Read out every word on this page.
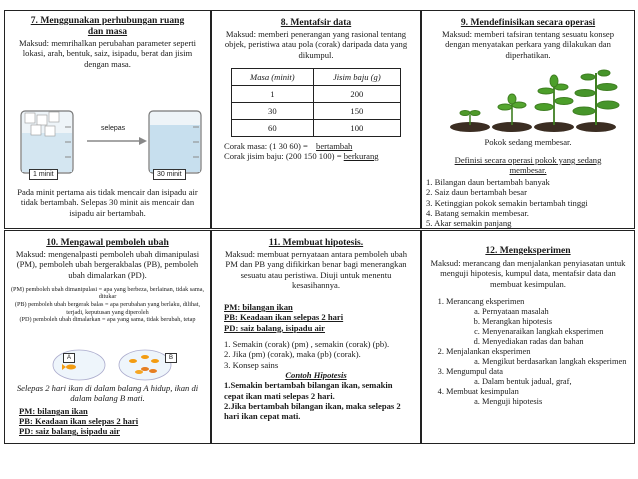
7. Menggunakan perhubungan ruang dan masa
Maksud: memrihalkan perubahan parameter seperti lokasi, arah, bentuk, saiz, isipadu, berat dan jisim dengan masa.
selepas
1 minit	30 minit
Pada minit pertama ais tidak mencair dan isipadu air tidak bertambah. Selepas 30 minit ais mencair dan isipadu air bertambah.
8. Mentafsir data
Maksud: memberi penerangan yang rasional tentang objek, peristiwa atau pola (corak) daripada data yang dikumpul.
Masa (minit)	Jisim baju (g)
1	200
30	150
60	100
Corak masa: (1 30 60) = bertambah
Corak jisim baju: (200 150 100) = berkurang
9. Mendefinisikan secara operasi
Maksud: memberi tafsiran tentang sesuatu konsep dengan menyatakan perkara yang dilakukan dan diperhatikan.
Pokok sedang membesar.
Definisi secara operasi pokok yang sedang membesar.
1. Bilangan daun bertambah banyak
2. Saiz daun bertambah besar
3. Ketinggian pokok semakin bertambah tinggi
4. Batang semakin membesar.
5. Akar semakin panjang
10. Mengawal pemboleh ubah
Maksud: mengenalpasti pemboleh ubah dimanipulasi (PM), pemboleh ubah bergerakbalas (PB), pemboleh ubah dimalarkan (PD).
(PM) pemboleh ubah dimanipulasi = apa yang berbeza, berlainan, tidak sama, ditukar
(PB) pemboleh ubah bergerak balas = apa perubahan yang berlaku, dilihat, terjadi, keputusan yang diperoleh
(PD) pemboleh ubah dimalarkan = apa yang sama, tidak berubah, tetap
A	B
Selepas 2 hari ikan di dalam balang A hidup, ikan di dalam balang B mati.
PM: bilangan ikan
PB: Keadaan ikan selepas 2 hari
PD: saiz balang, isipadu air
11. Membuat hipotesis.
Maksud: membuat pernyataan antara pemboleh ubah PM dan PB yang difikirkan benar bagi menerangkan sesuatu atau peristiwa. Diuji untuk menentu kesasihannya.
PM: bilangan ikan
PB: Keadaan ikan selepas 2 hari
PD: saiz balang, isipadu air
1. Semakin (corak) (pm) , semakin (corak) (pb).
2. Jika (pm) (corak), maka (pb) (corak).
3. Konsep sains
Contoh Hipotesis
1.Semakin bertambah bilangan ikan, semakin cepat ikan mati selepas 2 hari.
2.Jika bertambah bilangan ikan, maka selepas 2 hari ikan cepat mati.
12. Mengeksperimen
Maksud: merancang dan menjalankan penyiasatan untuk menguji hipotesis, kumpul data, mentafsir data dan membuat kesimpulan.
1. Merancang eksperimen
a. Pernyataan masalah
b. Merangkan hipotesis
c. Menyenaraikan langkah eksperimen
d. Menyediakan radas dan bahan
2. Menjalankan eksperimen
a. Mengikut berdasarkan langkah eksperimen
3. Mengumpul data
a. Dalam bentuk jadual, graf,
4. Membuat kesimpulan
a. Menguji hipotesis
